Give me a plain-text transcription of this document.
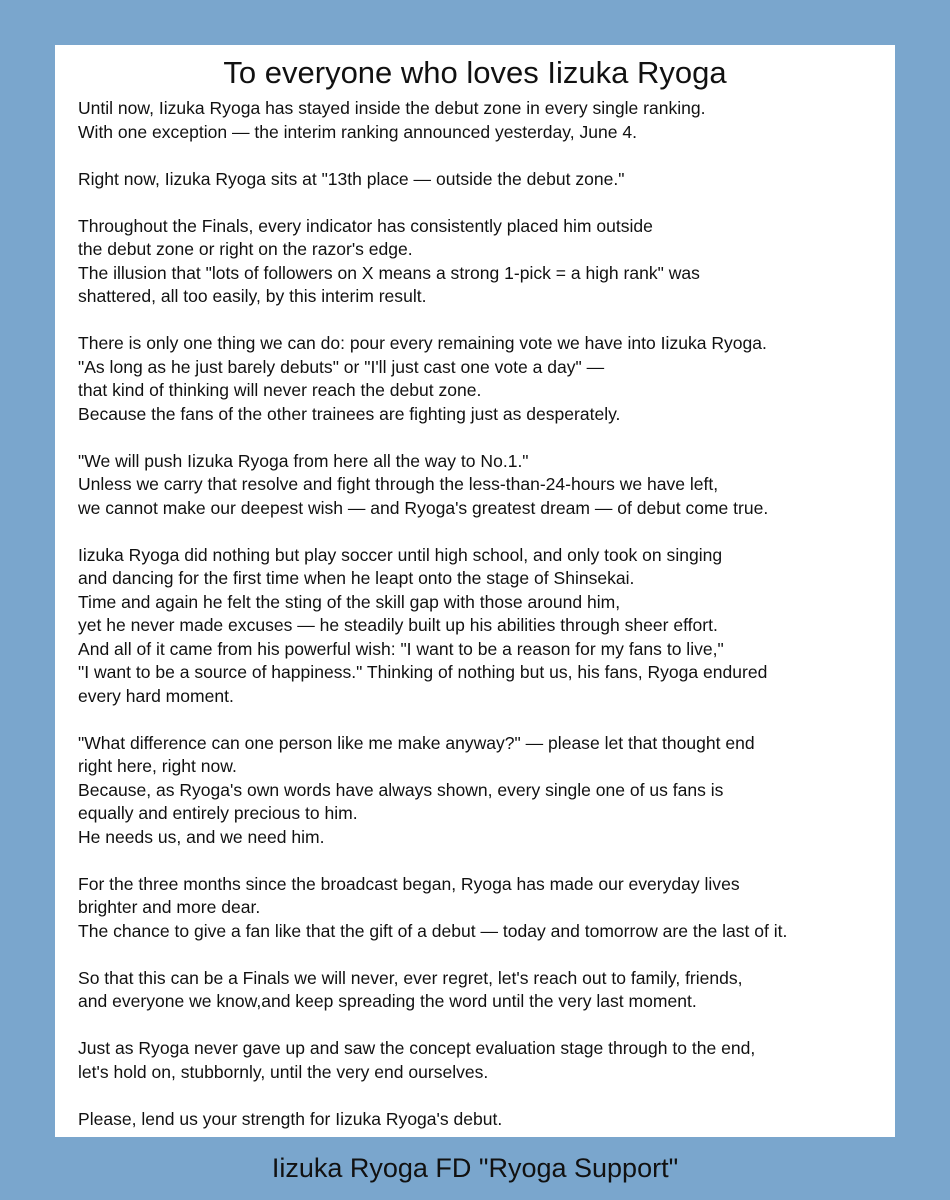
To everyone who loves Iizuka Ryoga
Until now, Iizuka Ryoga has stayed inside the debut zone in every single ranking.
With one exception — the interim ranking announced yesterday, June 4.
Right now, Iizuka Ryoga sits at "13th place — outside the debut zone."
Throughout the Finals, every indicator has consistently placed him outside
the debut zone or right on the razor's edge.
The illusion that "lots of followers on X means a strong 1-pick = a high rank" was
shattered, all too easily, by this interim result.
There is only one thing we can do: pour every remaining vote we have into Iizuka Ryoga.
"As long as he just barely debuts" or "I'll just cast one vote a day" —
that kind of thinking will never reach the debut zone.
Because the fans of the other trainees are fighting just as desperately.
"We will push Iizuka Ryoga from here all the way to No.1."
Unless we carry that resolve and fight through the less-than-24-hours we have left,
we cannot make our deepest wish — and Ryoga's greatest dream — of debut come true.
Iizuka Ryoga did nothing but play soccer until high school, and only took on singing
and dancing for the first time when he leapt onto the stage of Shinsekai.
Time and again he felt the sting of the skill gap with those around him,
yet he never made excuses — he steadily built up his abilities through sheer effort.
And all of it came from his powerful wish: "I want to be a reason for my fans to live,"
"I want to be a source of happiness." Thinking of nothing but us, his fans, Ryoga endured
every hard moment.
"What difference can one person like me make anyway?" — please let that thought end
right here, right now.
Because, as Ryoga's own words have always shown, every single one of us fans is
equally and entirely precious to him.
He needs us, and we need him.
For the three months since the broadcast began, Ryoga has made our everyday lives
brighter and more dear.
The chance to give a fan like that the gift of a debut — today and tomorrow are the last of it.
So that this can be a Finals we will never, ever regret, let's reach out to family, friends,
and everyone we know,and keep spreading the word until the very last moment.
Just as Ryoga never gave up and saw the concept evaluation stage through to the end,
let's hold on, stubbornly, until the very end ourselves.
Please, lend us your strength for Iizuka Ryoga's debut.
Iizuka Ryoga FD "Ryoga Support"
